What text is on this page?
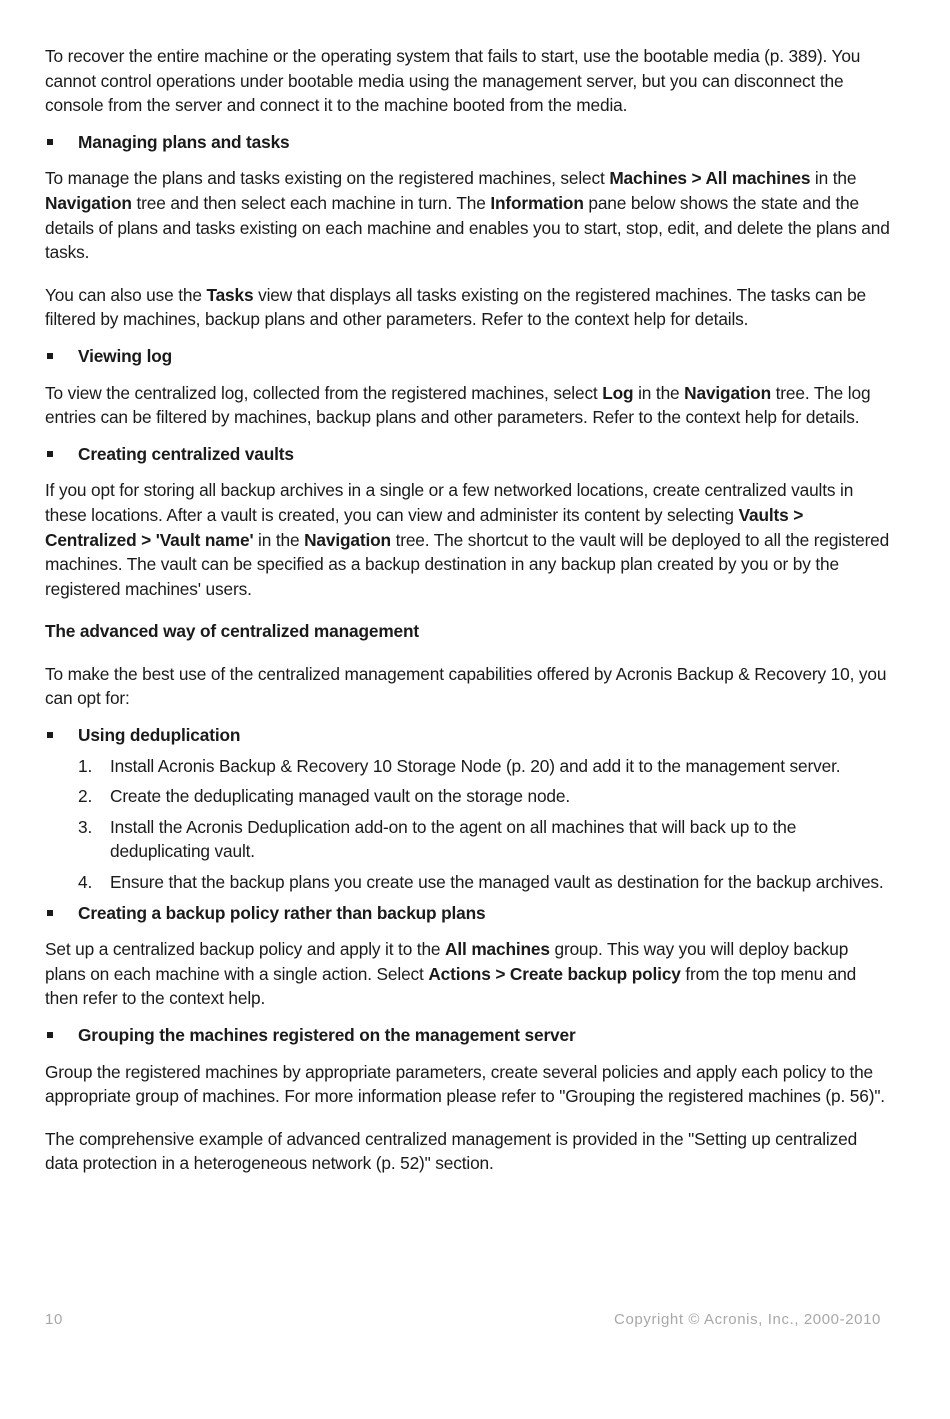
To recover the entire machine or the operating system that fails to start, use the bootable media (p. 389). You cannot control operations under bootable media using the management server, but you can disconnect the console from the server and connect it to the machine booted from the media.

Managing plans and tasks

To manage the plans and tasks existing on the registered machines, select Machines > All machines in the Navigation tree and then select each machine in turn. The Information pane below shows the state and the details of plans and tasks existing on each machine and enables you to start, stop, edit, and delete the plans and tasks.

You can also use the Tasks view that displays all tasks existing on the registered machines. The tasks can be filtered by machines, backup plans and other parameters. Refer to the context help for details.

Viewing log

To view the centralized log, collected from the registered machines, select Log in the Navigation tree. The log entries can be filtered by machines, backup plans and other parameters. Refer to the context help for details.

Creating centralized vaults

If you opt for storing all backup archives in a single or a few networked locations, create centralized vaults in these locations. After a vault is created, you can view and administer its content by selecting Vaults > Centralized > 'Vault name' in the Navigation tree. The shortcut to the vault will be deployed to all the registered machines. The vault can be specified as a backup destination in any backup plan created by you or by the registered machines' users.

The advanced way of centralized management

To make the best use of the centralized management capabilities offered by Acronis Backup & Recovery 10, you can opt for:

Using deduplication
1. Install Acronis Backup & Recovery 10 Storage Node (p. 20) and add it to the management server.
2. Create the deduplicating managed vault on the storage node.
3. Install the Acronis Deduplication add-on to the agent on all machines that will back up to the deduplicating vault.
4. Ensure that the backup plans you create use the managed vault as destination for the backup archives.
Creating a backup policy rather than backup plans

Set up a centralized backup policy and apply it to the All machines group. This way you will deploy backup plans on each machine with a single action. Select Actions > Create backup policy from the top menu and then refer to the context help.

Grouping the machines registered on the management server

Group the registered machines by appropriate parameters, create several policies and apply each policy to the appropriate group of machines. For more information please refer to "Grouping the registered machines (p. 56)".

The comprehensive example of advanced centralized management is provided in the "Setting up centralized data protection in a heterogeneous network (p. 52)" section.

10	Copyright © Acronis, Inc., 2000-2010
